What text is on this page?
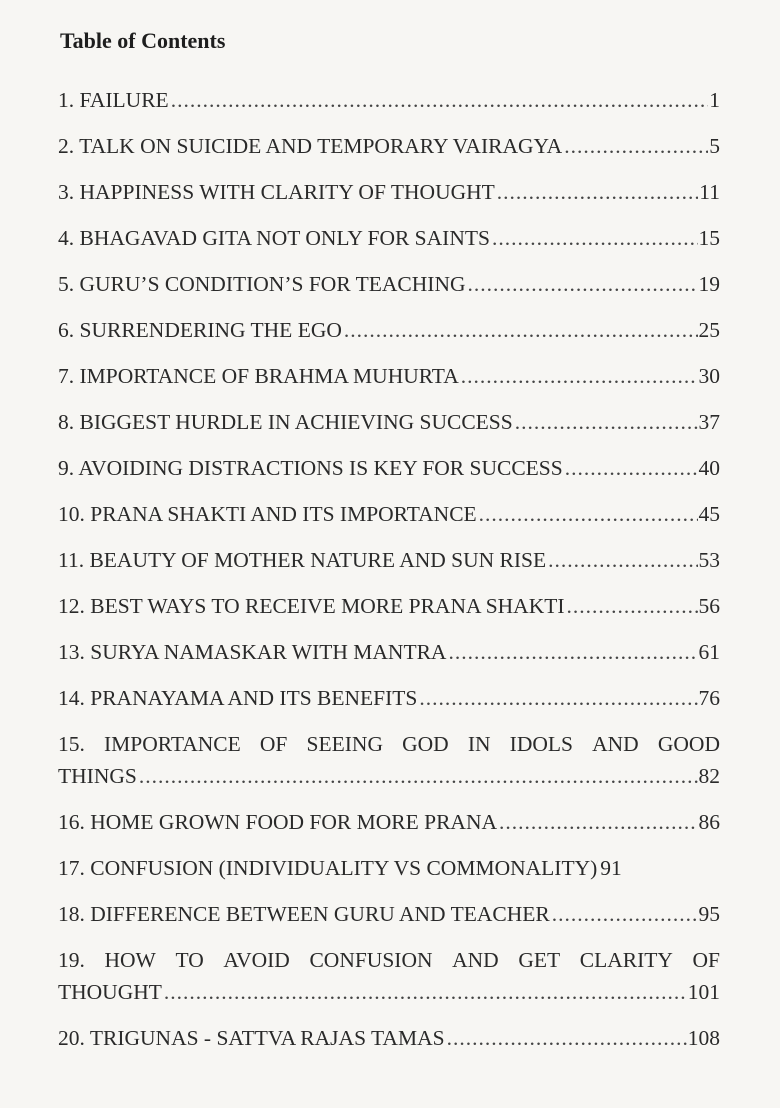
Table of Contents
1. FAILURE .....	1
2. TALK ON SUICIDE AND TEMPORARY VAIRAGYA .....	5
3. HAPPINESS WITH CLARITY OF THOUGHT .....	11
4. BHAGAVAD GITA NOT ONLY FOR SAINTS .....	15
5. GURU’S CONDITION’S FOR TEACHING .....	19
6. SURRENDERING THE EGO .....	25
7. IMPORTANCE OF BRAHMA MUHURTA .....	30
8. BIGGEST HURDLE IN ACHIEVING SUCCESS .....	37
9. AVOIDING DISTRACTIONS IS KEY FOR SUCCESS .....	40
10. PRANA SHAKTI AND ITS IMPORTANCE .....	45
11. BEAUTY OF MOTHER NATURE AND SUN RISE .....	53
12. BEST WAYS TO RECEIVE MORE PRANA SHAKTI .....	56
13. SURYA NAMASKAR WITH MANTRA .....	61
14. PRANAYAMA AND ITS BENEFITS .....	76
15. IMPORTANCE OF SEEING GOD IN IDOLS AND GOOD
THINGS .....	82
16. HOME GROWN FOOD FOR MORE PRANA .....	86
17. CONFUSION (INDIVIDUALITY VS COMMONALITY) 91
18. DIFFERENCE BETWEEN GURU AND TEACHER .....	95
19. HOW TO AVOID CONFUSION AND GET CLARITY OF
THOUGHT .....	101
20. TRIGUNAS - SATTVA RAJAS TAMAS .....	108
